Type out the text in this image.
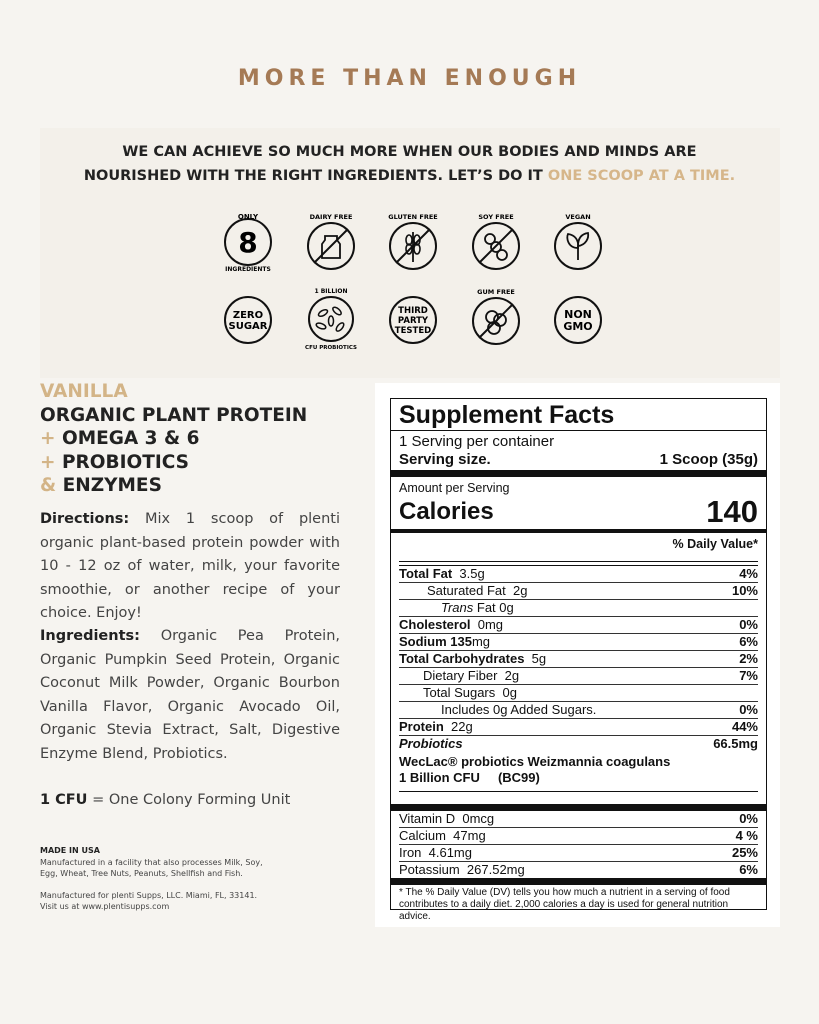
MORE THAN ENOUGH
WE CAN ACHIEVE SO MUCH MORE WHEN OUR BODIES AND MINDS ARE
NOURISHED WITH THE RIGHT INGREDIENTS. LET’S DO IT ONE SCOOP AT A TIME.
ONLY
8
INGREDIENTS
DAIRY FREE	GLUTEN FREE	SOY FREE	VEGAN
ZERO
SUGAR
1 BILLION
CFU PROBIOTICS
THIRD
PARTY
TESTED
GUM FREE
NON
GMO
VANILLA
ORGANIC PLANT PROTEIN
+ OMEGA 3 & 6
+ PROBIOTICS
& ENZYMES
Directions: Mix 1 scoop of plenti organic plant-based protein powder with 10 - 12 oz of water, milk, your favorite smoothie, or another recipe of your choice. Enjoy!
Ingredients: Organic Pea Protein, Organic Pumpkin Seed Protein, Organic Coconut Milk Powder, Organic Bourbon Vanilla Flavor, Organic Avocado Oil, Organic Stevia Extract, Salt, Digestive Enzyme Blend, Probiotics.
1 CFU = One Colony Forming Unit
MADE IN USA
Manufactured in a facility that also processes Milk, Soy,
Egg, Wheat, Tree Nuts, Peanuts, Shellfish and Fish.
Manufactured for plenti Supps, LLC. Miami, FL, 33141.
Visit us at www.plentisupps.com
Supplement Facts
1 Serving per container
Serving size.	1 Scoop (35g)
Amount per Serving
Calories	140
% Daily Value*
Total Fat  3.5g	4%
Saturated Fat  2g	10%
Trans Fat 0g
Cholesterol  0mg	0%
Sodium 135mg	6%
Total Carbohydrates  5g	2%
Dietary Fiber  2g	7%
Total Sugars  0g
Includes 0g Added Sugars.	0%
Protein  22g	44%
Probiotics	66.5mg
WecLac® probiotics Weizmannia coagulans
1 Billion CFU     (BC99)
Vitamin D  0mcg	0%
Calcium  47mg	4 %
Iron  4.61mg	25%
Potassium  267.52mg	6%
* The % Daily Value (DV) tells you how much a nutrient in a serving of food contributes to a daily diet. 2,000 calories a day is used for general nutrition advice.
